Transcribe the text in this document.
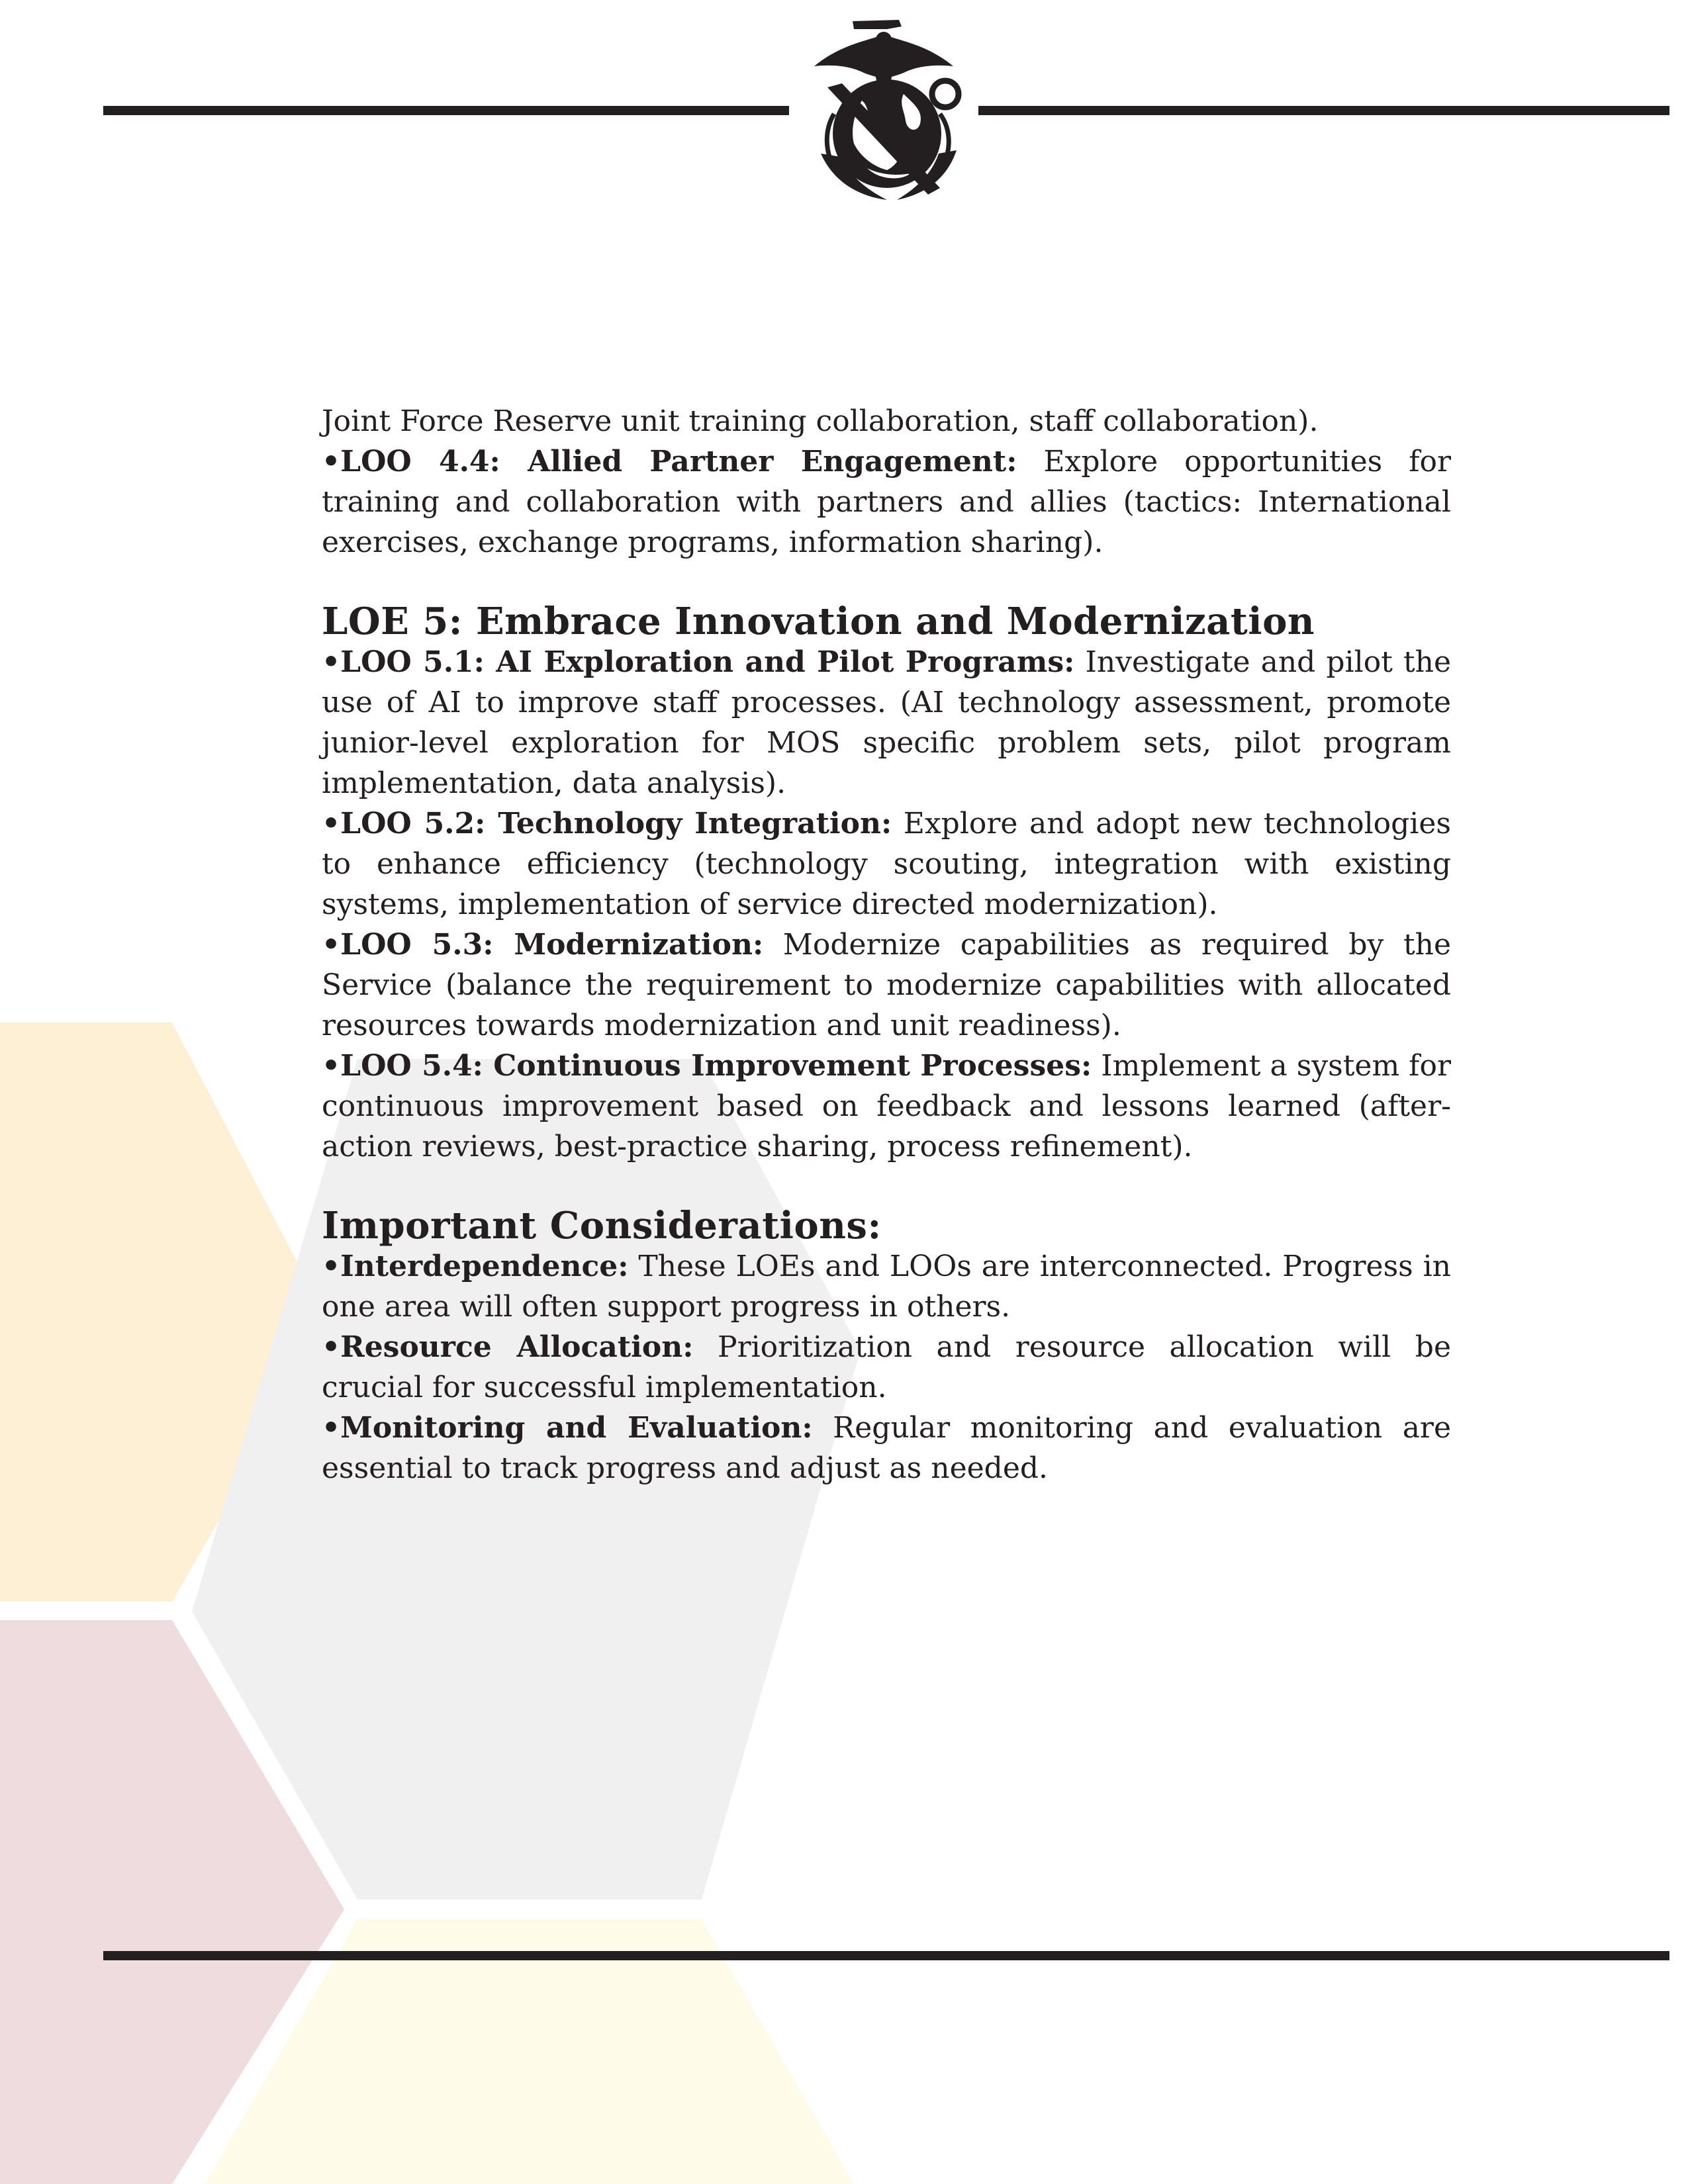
Joint Force Reserve unit training collaboration, staff collaboration).

•LOO 4.4: Allied Partner Engagement: Explore opportunities for training and collaboration with partners and allies (tactics: International exercises, exchange programs, information sharing).

LOE 5: Embrace Innovation and Modernization

•LOO 5.1: AI Exploration and Pilot Programs: Investigate and pilot the use of AI to improve staff processes. (AI technology assessment, promote junior-level exploration for MOS specific problem sets, pilot program implementation, data analysis).

•LOO 5.2: Technology Integration: Explore and adopt new technologies to enhance efficiency (technology scouting, integration with existing systems, implementation of service directed modernization).

•LOO 5.3: Modernization: Modernize capabilities as required by the Service (balance the requirement to modernize capabilities with allocated resources towards modernization and unit readiness).

•LOO 5.4: Continuous Improvement Processes: Implement a system for continuous improvement based on feedback and lessons learned (after-action reviews, best-practice sharing, process refinement).

Important Considerations:

•Interdependence: These LOEs and LOOs are interconnected. Progress in one area will often support progress in others.

•Resource Allocation: Prioritization and resource allocation will be crucial for successful implementation.

•Monitoring and Evaluation: Regular monitoring and evaluation are essential to track progress and adjust as needed.
